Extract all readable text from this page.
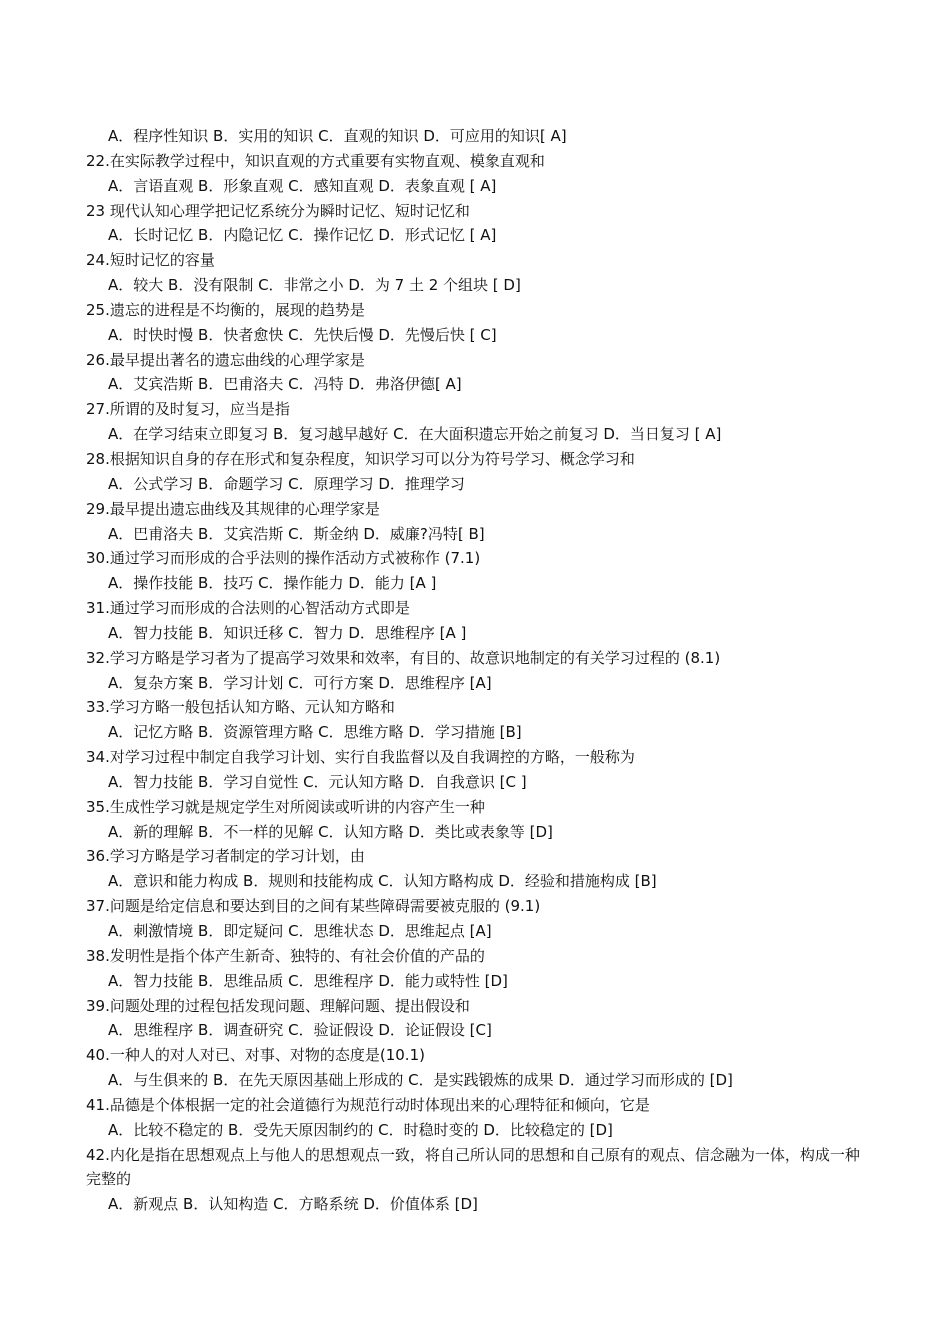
A．程序性知识 B．实用的知识 C．直观的知识 D．可应用的知识[ A]
22.在实际教学过程中，知识直观的方式重要有实物直观、模象直观和
A．言语直观 B．形象直观 C．感知直观 D．表象直观 [ A]
23 现代认知心理学把记忆系统分为瞬时记忆、短时记忆和
A．长时记忆 B．内隐记忆 C．操作记忆 D．形式记忆 [ A]
24.短时记忆的容量
A．较大 B．没有限制 C．非常之小 D．为 7 土 2 个组块 [ D]
25.遗忘的进程是不均衡的，展现的趋势是
A．时快时慢 B．快者愈快 C．先快后慢 D．先慢后快 [ C]
26.最早提出著名的遗忘曲线的心理学家是
A．艾宾浩斯 B．巴甫洛夫 C．冯特 D．弗洛伊德[ A]
27.所谓的及时复习，应当是指
A．在学习结束立即复习 B．复习越早越好 C．在大面积遗忘开始之前复习 D．当日复习 [ A]
28.根据知识自身的存在形式和复杂程度，知识学习可以分为符号学习、概念学习和
A．公式学习 B．命题学习 C．原理学习 D．推理学习
29.最早提出遗忘曲线及其规律的心理学家是
A．巴甫洛夫 B．艾宾浩斯 C．斯金纳 D．威廉?冯特[ B]
30.通过学习而形成的合乎法则的操作活动方式被称作 (7.1)
A．操作技能 B．技巧 C．操作能力 D．能力 [A ]
31.通过学习而形成的合法则的心智活动方式即是
A．智力技能 B．知识迁移 C．智力 D．思维程序 [A ]
32.学习方略是学习者为了提高学习效果和效率，有目的、故意识地制定的有关学习过程的 (8.1)
A．复杂方案 B．学习计划 C．可行方案 D．思维程序 [A]
33.学习方略一般包括认知方略、元认知方略和
A．记忆方略 B．资源管理方略 C．思维方略 D．学习措施 [B]
34.对学习过程中制定自我学习计划、实行自我监督以及自我调控的方略，一般称为
A．智力技能 B．学习自觉性 C．元认知方略 D．自我意识 [C ]
35.生成性学习就是规定学生对所阅读或听讲的内容产生一种
A．新的理解 B．不一样的见解 C．认知方略 D．类比或表象等 [D]
36.学习方略是学习者制定的学习计划，由
A．意识和能力构成 B．规则和技能构成 C．认知方略构成 D．经验和措施构成 [B]
37.问题是给定信息和要达到目的之间有某些障碍需要被克服的 (9.1)
A．刺激情境 B．即定疑问 C．思维状态 D．思维起点 [A]
38.发明性是指个体产生新奇、独特的、有社会价值的产品的
A．智力技能 B．思维品质 C．思维程序 D．能力或特性 [D]
39.问题处理的过程包括发现问题、理解问题、提出假设和
A．思维程序 B．调查研究 C．验证假设 D．论证假设 [C]
40.一种人的对人对已、对事、对物的态度是(10.1)
A．与生俱来的 B．在先天原因基础上形成的 C．是实践锻炼的成果 D．通过学习而形成的 [D]
41.品德是个体根据一定的社会道德行为规范行动时体现出来的心理特征和倾向，它是
A．比较不稳定的 B．受先天原因制约的 C．时稳时变的 D．比较稳定的 [D]
42.内化是指在思想观点上与他人的思想观点一致，将自己所认同的思想和自己原有的观点、信念融为一体，构成一种完整的
A．新观点 B．认知构造 C．方略系统 D．价值体系 [D]
